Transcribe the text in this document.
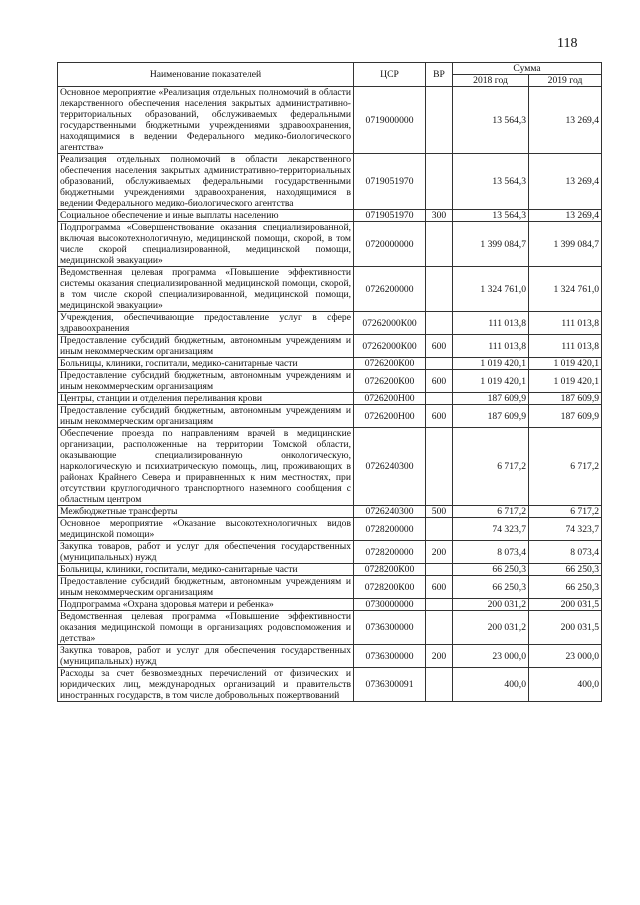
118
Наименование показателей	ЦСР	ВР	Сумма	
			2018 год	2019 год
Основное мероприятие «Реализация отдельных полномочий в области лекарственного обеспечения населения закрытых административно-территориальных образований, обслуживаемых федеральными государственными бюджетными учреждениями здравоохранения, находящимися в ведении Федерального медико-биологического агентства»	0719000000		13 564,3	13 269,4
Реализация отдельных полномочий в области лекарственного обеспечения населения закрытых административно-территориальных образований, обслуживаемых федеральными государственными бюджетными учреждениями здравоохранения, находящимися в ведении Федерального медико-биологического агентства	0719051970		13 564,3	13 269,4
Социальное обеспечение и иные выплаты населению	0719051970	300	13 564,3	13 269,4
Подпрограмма «Совершенствование оказания специализированной, включая высокотехнологичную, медицинской помощи, скорой, в том числе скорой специализированной, медицинской помощи, медицинской эвакуации»	0720000000		1 399 084,7	1 399 084,7
Ведомственная целевая программа «Повышение эффективности системы оказания специализированной медицинской помощи, скорой, в том числе скорой специализированной, медицинской помощи, медицинской эвакуации»	0726200000		1 324 761,0	1 324 761,0
Учреждения, обеспечивающие предоставление услуг в сфере здравоохранения	07262000К00		111 013,8	111 013,8
Предоставление субсидий бюджетным, автономным учреждениям и иным некоммерческим организациям	07262000К00	600	111 013,8	111 013,8
Больницы, клиники, госпитали, медико-санитарные части	0726200К00		1 019 420,1	1 019 420,1
Предоставление субсидий бюджетным, автономным учреждениям и иным некоммерческим организациям	0726200К00	600	1 019 420,1	1 019 420,1
Центры, станции и отделения переливания крови	0726200Н00		187 609,9	187 609,9
Предоставление субсидий бюджетным, автономным учреждениям и иным некоммерческим организациям	0726200Н00	600	187 609,9	187 609,9
Обеспечение проезда по направлениям врачей в медицинские организации, расположенные на территории Томской области, оказывающие специализированную онкологическую, наркологическую и психиатрическую помощь, лиц, проживающих в районах Крайнего Севера и приравненных к ним местностях, при отсутствии круглогодичного транспортного наземного сообщения с областным центром	0726240300		6 717,2	6 717,2
Межбюджетные трансферты	0726240300	500	6 717,2	6 717,2
Основное мероприятие «Оказание высокотехнологичных видов медицинской помощи»	0728200000		74 323,7	74 323,7
Закупка товаров, работ и услуг для обеспечения государственных (муниципальных) нужд	0728200000	200	8 073,4	8 073,4
Больницы, клиники, госпитали, медико-санитарные части	0728200К00		66 250,3	66 250,3
Предоставление субсидий бюджетным, автономным учреждениям и иным некоммерческим организациям	0728200К00	600	66 250,3	66 250,3
Подпрограмма «Охрана здоровья матери и ребенка»	0730000000		200 031,2	200 031,5
Ведомственная целевая программа «Повышение эффективности оказания медицинской помощи в организациях родовспоможения и детства»	0736300000		200 031,2	200 031,5
Закупка товаров, работ и услуг для обеспечения государственных (муниципальных) нужд	0736300000	200	23 000,0	23 000,0
Расходы за счет безвозмездных перечислений от физических и юридических лиц, международных организаций и правительств иностранных государств, в том числе добровольных пожертвований	0736300091		400,0	400,0
